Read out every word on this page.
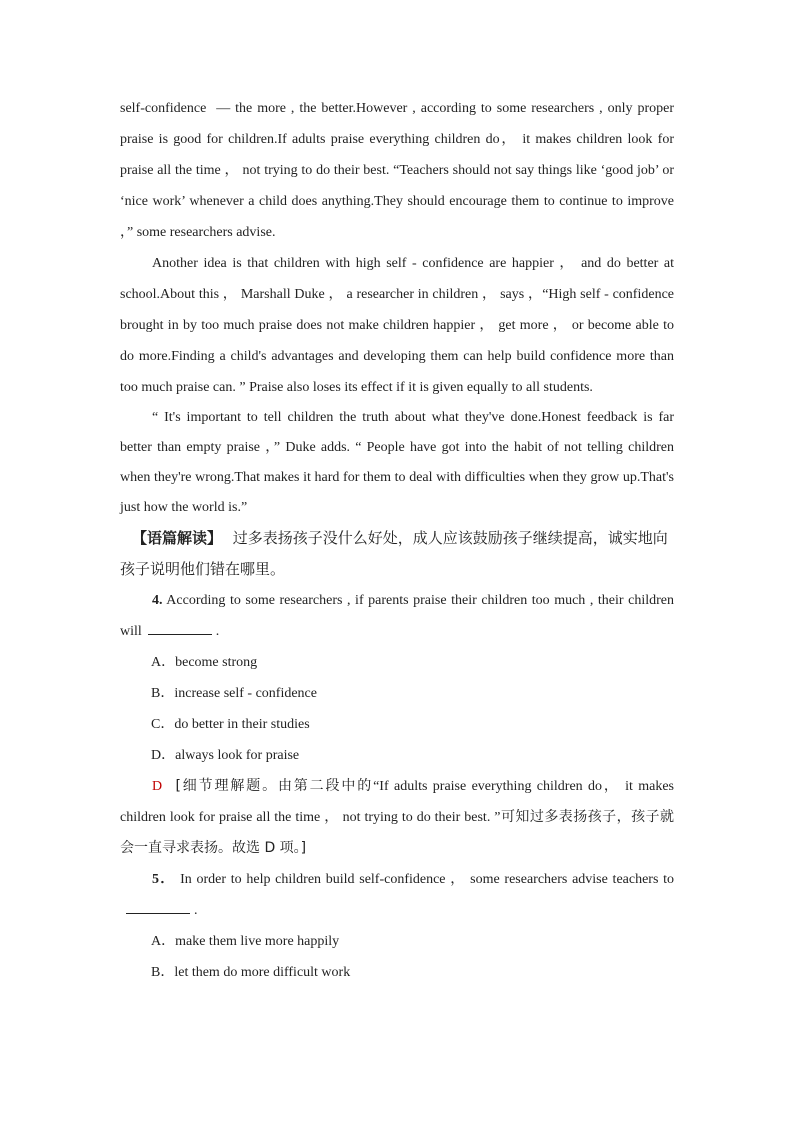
self-confidence  — the more , the better.However , according to some researchers , only proper praise is good for children.If adults praise everything children do， it makes children look for praise all the time ， not trying to do their best. “Teachers should not say things like ‘good job’ or ‘nice work’ whenever a child does anything.They should encourage them to continue to improve ，” some researchers advise.

Another idea is that children with high self - confidence are happier ， and do better at school.About this ， Marshall Duke ， a researcher in children ， says ，“High self - confidence brought in by too much praise does not make children happier ， get more ， or become able to do more.Finding a child's advantages and developing them can help build confidence more than too much praise can. ” Praise also loses its effect if it is given equally to all students.

“ It's important to tell children the truth about what they've done.Honest feedback is far better than empty praise ，” Duke adds. “ People have got into the habit of not telling children when they're wrong.That makes it hard for them to deal with difficulties when they grow up.That's just how the world is.”

【语篇解读】 过多表扬孩子没什么好处，成人应该鼓励孩子继续提高，诚实地向孩子说明他们错在哪里。

4. According to some researchers , if parents praise their children too much , their children will	.

A．become strong

B．increase self - confidence

C．do better in their studies

D．always look for praise

D [细节理解题。由第二段中的“If adults praise everything children do， it makes children look for praise all the time ， not trying to do their best. ”可知过多表扬孩子，孩子就会一直寻求表扬。故选 D 项。]

5． In order to help children build self-confidence ， some researchers advise teachers to.

A．make them live more happily

B．let them do more difficult work
